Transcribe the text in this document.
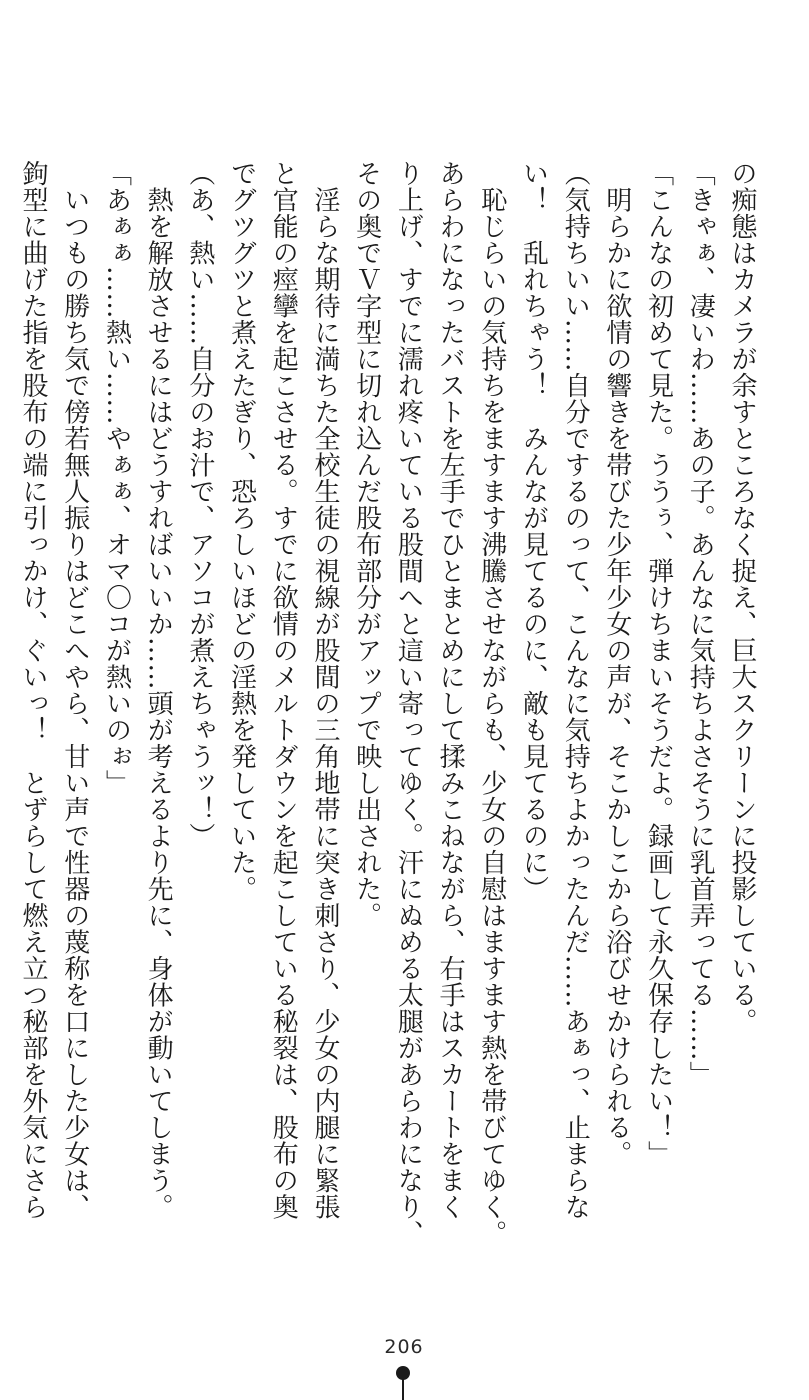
の痴態はカメラが余すところなく捉え、巨大スクリーンに投影している。
「きゃぁ、凄いわ……あの子。あんなに気持ちよさそうに乳首弄ってる……」
「こんなの初めて見た。ううぅ、弾けちまいそうだよ。録画して永久保存したい！」
　明らかに欲情の響きを帯びた少年少女の声が、そこかしこから浴びせかけられる。
（気持ちいい……自分でするのって、こんなに気持ちよかったんだ……あぁっ、止まらな
い！　乱れちゃう！　みんなが見てるのに、敵も見てるのに）
　恥じらいの気持ちをますます沸騰させながらも、少女の自慰はますます熱を帯びてゆく。
あらわになったバストを左手でひとまとめにして揉みこねながら、右手はスカートをまく
り上げ、すでに濡れ疼いている股間へと這い寄ってゆく。汗にぬめる太腿があらわになり、
その奥でＶ字型に切れ込んだ股布部分がアップで映し出された。
　淫らな期待に満ちた全校生徒の視線が股間の三角地帯に突き刺さり、少女の内腿に緊張
と官能の痙攣を起こさせる。すでに欲情のメルトダウンを起こしている秘裂は、股布の奥
でグツグツと煮えたぎり、恐ろしいほどの淫熱を発していた。
（あ、熱い……自分のお汁で、アソコが煮えちゃうッ！）
　熱を解放させるにはどうすればいいか……頭が考えるより先に、身体が動いてしまう。
「あぁぁ……熱い……やぁぁ、オマ〇コが熱いのぉ」
　いつもの勝ち気で傍若無人振りはどこへやら、甘い声で性器の蔑称を口にした少女は、
鉤型に曲げた指を股布の端に引っかけ、ぐいっ！　とずらして燃え立つ秘部を外気にさら
206
